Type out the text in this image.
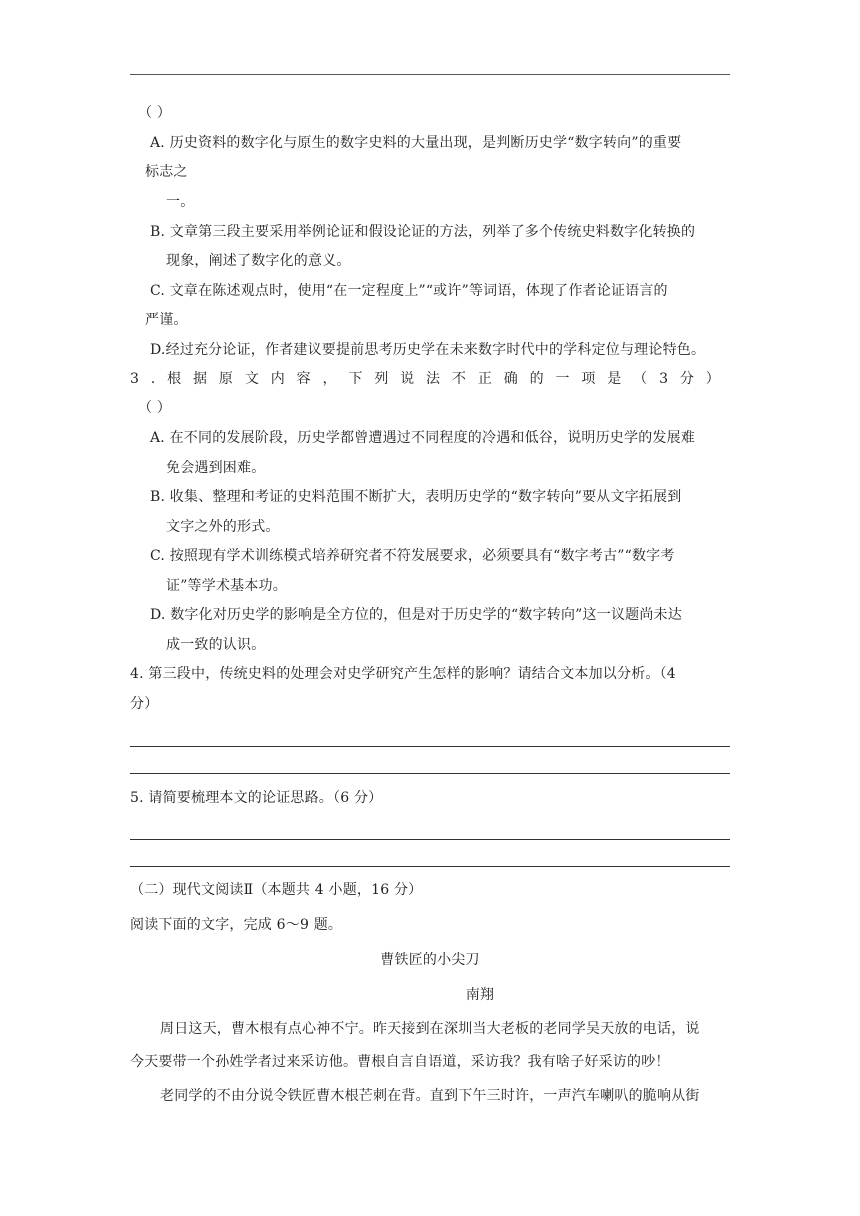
（ ）
A. 历史资料的数字化与原生的数字史料的大量出现，是判断历史学“数字转向”的重要
标志之
一。
B. 文章第三段主要采用举例论证和假设论证的方法，列举了多个传统史料数字化转换的
现象，阐述了数字化的意义。
C. 文章在陈述观点时，使用“在一定程度上”“或许”等词语，体现了作者论证语言的
严谨。
D.经过充分论证，作者建议要提前思考历史学在未来数字时代中的学科定位与理论特色。
3 . 根 据 原 文 内 容 ， 下 列 说 法 不 正 确 的 一 项 是 （ 3 分 ）
（ ）
A. 在不同的发展阶段，历史学都曾遭遇过不同程度的冷遇和低谷，说明历史学的发展难
免会遇到困难。
B. 收集、整理和考证的史料范围不断扩大，表明历史学的“数字转向”要从文字拓展到
文字之外的形式。
C. 按照现有学术训练模式培养研究者不符发展要求，必须要具有“数字考古”“数字考
证”等学术基本功。
D. 数字化对历史学的影响是全方位的，但是对于历史学的“数字转向”这一议题尚未达
成一致的认识。
4. 第三段中，传统史料的处理会对史学研究产生怎样的影响？请结合文本加以分析。（4
分）
5. 请简要梳理本文的论证思路。（6 分）
（二）现代文阅读Ⅱ（本题共 4 小题，16 分）
阅读下面的文字，完成 6～9 题。
曹铁匠的小尖刀
南翔
周日这天，曹木根有点心神不宁。昨天接到在深圳当大老板的老同学吴天放的电话，说
今天要带一个孙姓学者过来采访他。曹根自言自语道，采访我？我有啥子好采访的吵！
老同学的不由分说令铁匠曹木根芒刺在背。直到下午三时许，一声汽车喇叭的脆响从街
